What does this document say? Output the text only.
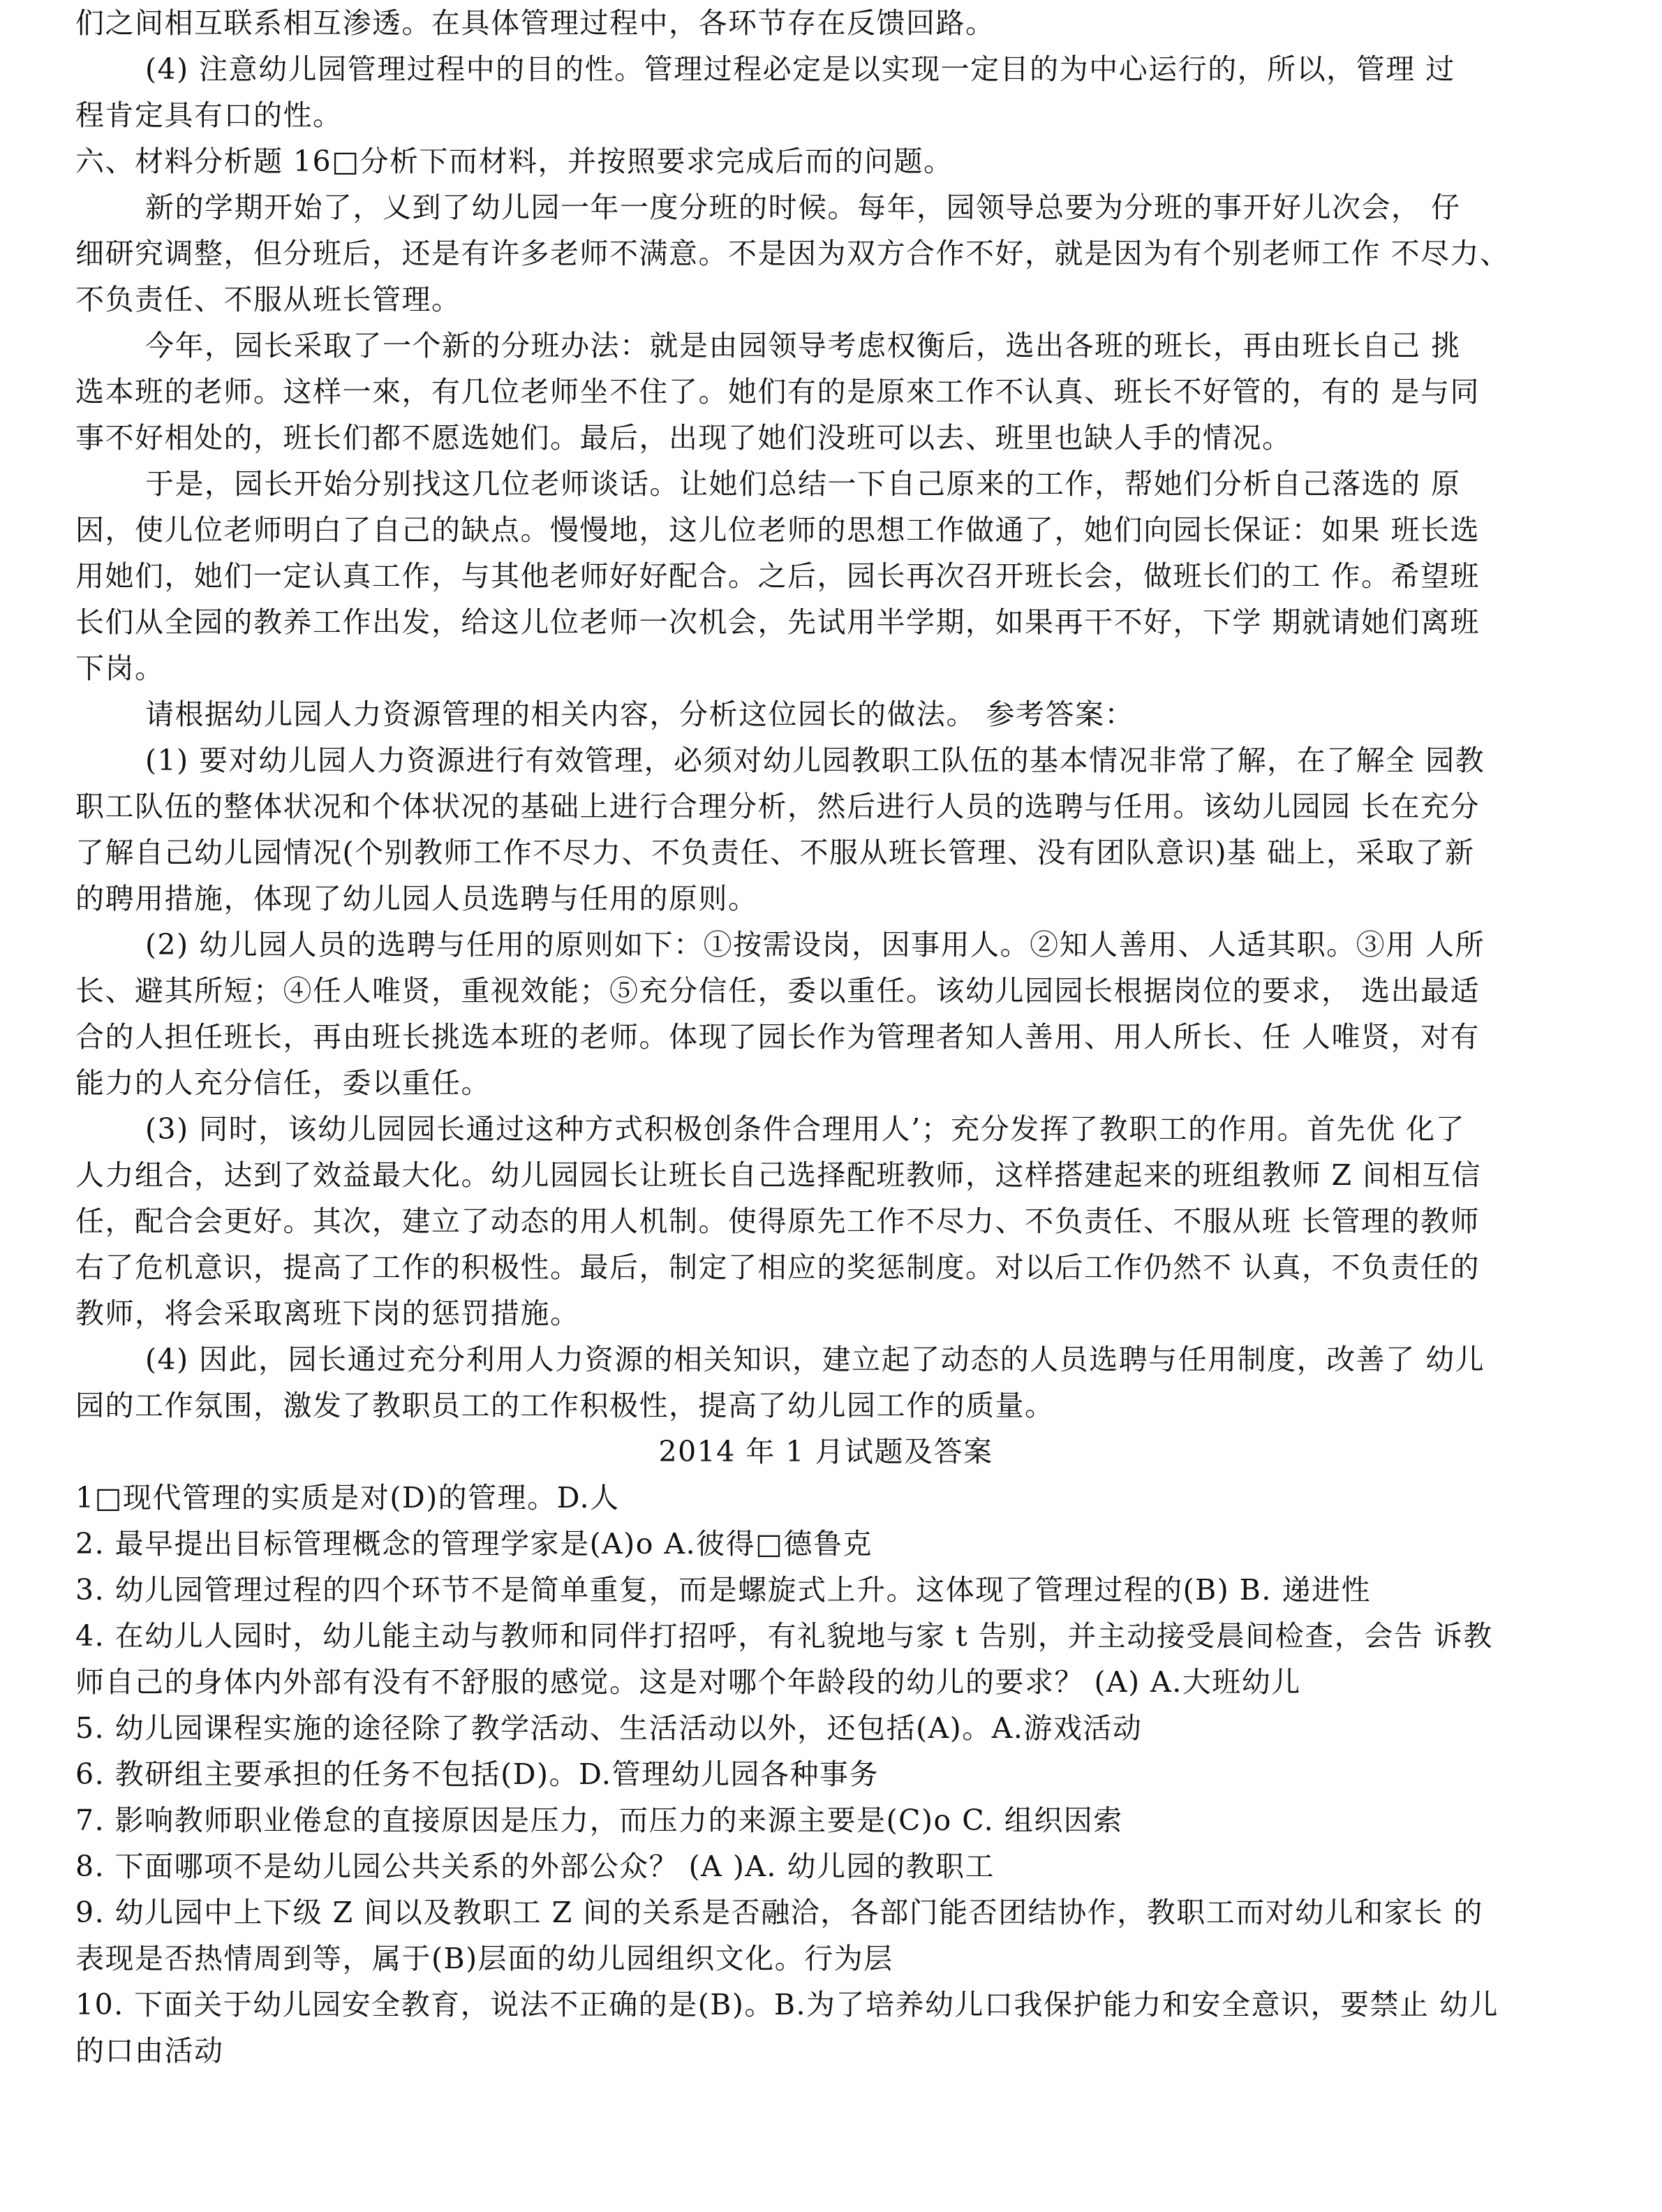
们之间相互联系相互渗透。在具体管理过程中，各环节存在反馈回路。

(4) 注意幼儿园管理过程中的目的性。管理过程必定是以实现一定目的为中心运行的，所以，管理 过

程肯定具有口的性。

六、材料分析题 16□分析下而材料，并按照要求完成后而的问题。

新的学期开始了，乂到了幼儿园一年一度分班的时候。每年，园领导总要为分班的事开好儿次会， 仔

细研究调整，但分班后，还是有许多老师不满意。不是因为双方合作不好，就是因为有个别老师工作 不尽力、

不负责任、不服从班长管理。

今年，园长采取了一个新的分班办法：就是由园领导考虑权衡后，选出各班的班长，再由班长自己 挑

选本班的老师。这样一來，有几位老师坐不住了。她们有的是原來工作不认真、班长不好管的，有的 是与同

事不好相处的，班长们都不愿选她们。最后，出现了她们没班可以去、班里也缺人手的情况。

于是，园长开始分别找这几位老师谈话。让她们总结一下自己原来的工作，帮她们分析自己落选的 原

因，使儿位老师明白了自己的缺点。慢慢地，这儿位老师的思想工作做通了，她们向园长保证：如果 班长选

用她们，她们一定认真工作，与其他老师好好配合。之后，园长再次召开班长会，做班长们的工 作。希望班

长们从全园的教养工作出发，给这儿位老师一次机会，先试用半学期，如果再干不好，下学 期就请她们离班

下岗。

请根据幼儿园人力资源管理的相关内容，分析这位园长的做法。 参考答案：

(1) 要对幼儿园人力资源进行有效管理，必须对幼儿园教职工队伍的基本情况非常了解，在了解全 园教

职工队伍的整体状况和个体状况的基础上进行合理分析，然后进行人员的选聘与任用。该幼儿园园 长在充分

了解自己幼儿园情况(个别教师工作不尽力、不负责任、不服从班长管理、没有团队意识)基 础上，采取了新

的聘用措施，体现了幼儿园人员选聘与任用的原则。

(2) 幼儿园人员的选聘与任用的原则如下：①按需设岗，因事用人。②知人善用、人适其职。③用 人所

长、避其所短；④任人唯贤，重视效能；⑤充分信任，委以重任。该幼儿园园长根据岗位的要求， 选出最适

合的人担任班长，再由班长挑选本班的老师。体现了园长作为管理者知人善用、用人所长、任 人唯贤，对有

能力的人充分信任，委以重任。

(3) 同时，该幼儿园园长通过这种方式积极创条件合理用人’；充分发挥了教职工的作用。首先优 化了

人力组合，达到了效益最大化。幼儿园园长让班长自己选择配班教师，这样搭建起来的班组教师 Z 间相互信

任，配合会更好。其次，建立了动态的用人机制。使得原先工作不尽力、不负责任、不服从班 长管理的教师

右了危机意识，提高了工作的积极性。最后，制定了相应的奖惩制度。对以后工作仍然不 认真，不负责任的

教师，将会采取离班下岗的惩罚措施。

(4) 因此，园长通过充分利用人力资源的相关知识，建立起了动态的人员选聘与任用制度，改善了 幼儿

园的工作氛围，激发了教职员工的工作积极性，提高了幼儿园工作的质量。

2014 年 1 月试题及答案

1□现代管理的实质是对(D)的管理。D.人

2. 最早提出目标管理概念的管理学家是(A)o A.彼得□德鲁克

3. 幼儿园管理过程的四个环节不是简单重复，而是螺旋式上升。这体现了管理过程的(B) B. 递进性

4. 在幼儿人园时，幼儿能主动与教师和同伴打招呼，有礼貌地与家 t 告别，并主动接受晨间检查，会告 诉教

师自己的身体内外部有没有不舒服的感觉。这是对哪个年龄段的幼儿的要求？ (A) A.大班幼儿

5. 幼儿园课程实施的途径除了教学活动、生活活动以外，还包括(A)。A.游戏活动

6. 教研组主要承担的任务不包括(D)。D.管理幼儿园各种事务

7. 影响教师职业倦怠的直接原因是压力，而压力的来源主要是(C)o C. 组织因索

8. 下面哪项不是幼儿园公共关系的外部公众？ (A )A. 幼儿园的教职工

9. 幼儿园中上下级 Z 间以及教职工 Z 间的关系是否融洽，各部门能否团结协作，教职工而对幼儿和家长 的

表现是否热情周到等，属于(B)层面的幼儿园组织文化。行为层

10. 下面关于幼儿园安全教育，说法不正确的是(B)。B.为了培养幼儿口我保护能力和安全意识，要禁止 幼儿

的口由活动
